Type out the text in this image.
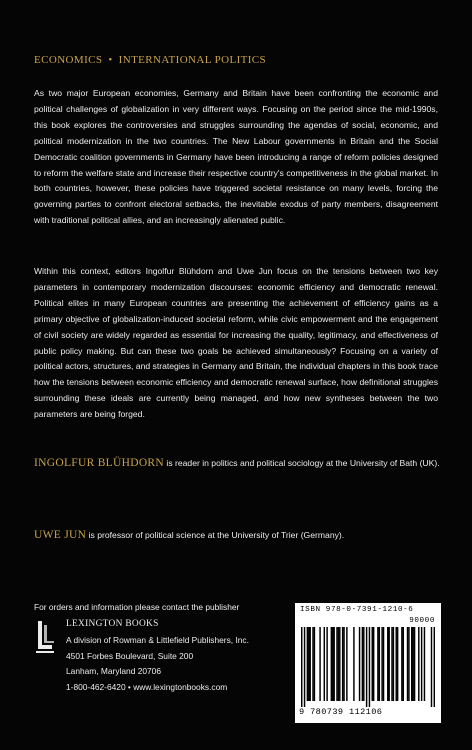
ECONOMICS • INTERNATIONAL POLITICS

As two major European economies, Germany and Britain have been confronting the economic and political challenges of globalization in very different ways. Focusing on the period since the mid-1990s, this book explores the controversies and struggles surrounding the agendas of social, economic, and political modernization in the two countries. The New Labour governments in Britain and the Social Democratic coalition governments in Germany have been introducing a range of reform policies designed to reform the welfare state and increase their respective country's competitiveness in the global market. In both countries, however, these policies have triggered societal resistance on many levels, forcing the governing parties to confront electoral setbacks, the inevitable exodus of party members, disagreement with traditional political allies, and an increasingly alienated public.

Within this context, editors Ingolfur Blühdorn and Uwe Jun focus on the tensions between two key parameters in contemporary modernization discourses: economic efficiency and democratic renewal. Political elites in many European countries are presenting the achievement of efficiency gains as a primary objective of globalization-induced societal reform, while civic empowerment and the engagement of civil society are widely regarded as essential for increasing the quality, legitimacy, and effectiveness of public policy making. But can these two goals be achieved simultaneously? Focusing on a variety of political actors, structures, and strategies in Germany and Britain, the individual chapters in this book trace how the tensions between economic efficiency and democratic renewal surface, how definitional struggles surrounding these ideals are currently being managed, and how new syntheses between the two parameters are being forged.

INGOLFUR BLÜHDORN is reader in politics and political sociology at the University of Bath (UK).

UWE JUN is professor of political science at the University of Trier (Germany).

For orders and information please contact the publisher
LEXINGTON BOOKS
A division of Rowman & Littlefield Publishers, Inc.
4501 Forbes Boulevard, Suite 200
Lanham, Maryland 20706
1-800-462-6420 • www.lexingtonbooks.com
ISBN 978-0-7391-1210-6
90000
9 780739 112106
